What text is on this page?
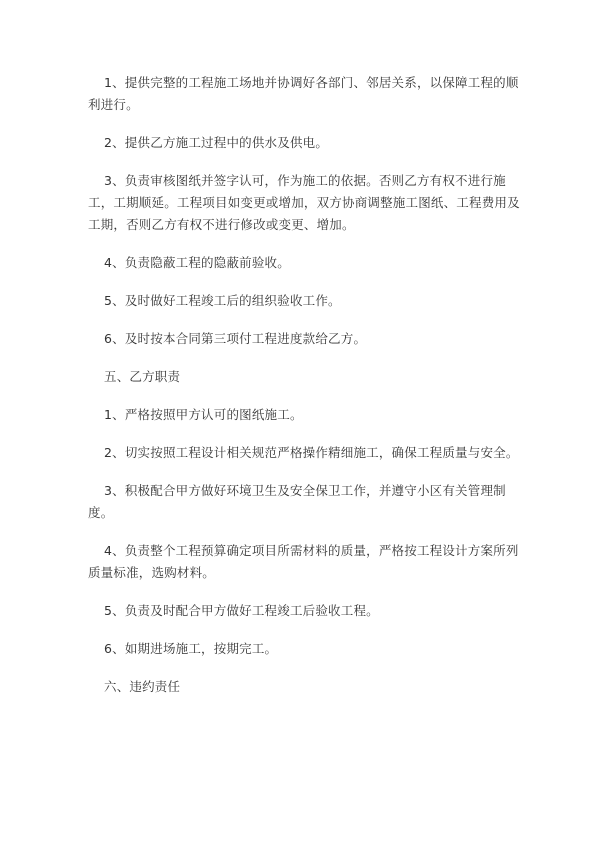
1、提供完整的工程施工场地并协调好各部门、邻居关系，以保障工程的顺利进行。

2、提供乙方施工过程中的供水及供电。

3、负责审核图纸并签字认可，作为施工的依据。否则乙方有权不进行施工，工期顺延。工程项目如变更或增加，双方协商调整施工图纸、工程费用及工期，否则乙方有权不进行修改或变更、增加。

4、负责隐蔽工程的隐蔽前验收。

5、及时做好工程竣工后的组织验收工作。

6、及时按本合同第三项付工程进度款给乙方。

五、乙方职责

1、严格按照甲方认可的图纸施工。

2、切实按照工程设计相关规范严格操作精细施工，确保工程质量与安全。

3、积极配合甲方做好环境卫生及安全保卫工作，并遵守小区有关管理制度。

4、负责整个工程预算确定项目所需材料的质量，严格按工程设计方案所列质量标准，选购材料。

5、负责及时配合甲方做好工程竣工后验收工程。

6、如期进场施工，按期完工。

六、违约责任
